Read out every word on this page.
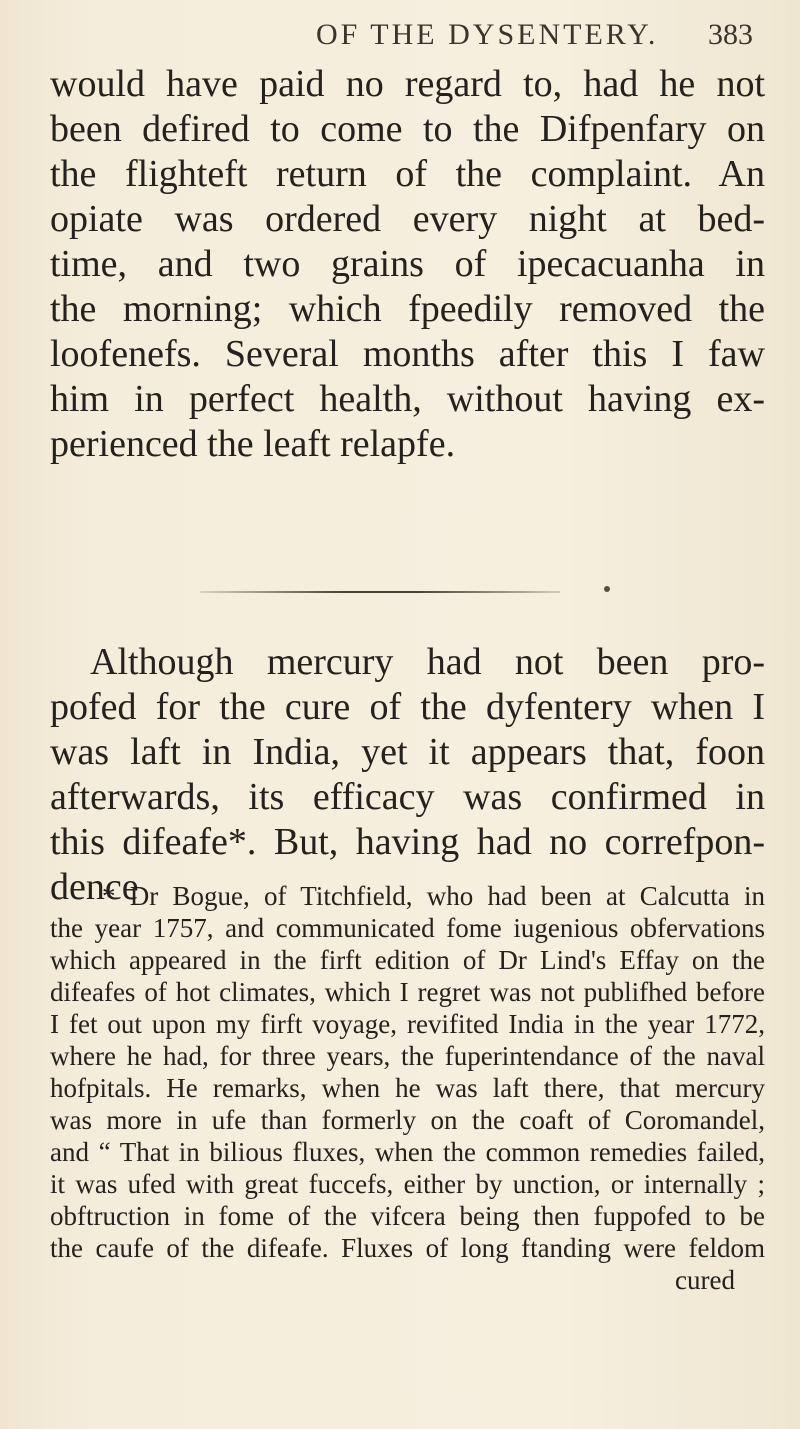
OF THE DYSENTERY. 383
would have paid no regard to, had he not
been defired to come to the Difpenfary on
the flighteft return of the complaint. An
opiate was ordered every night at bed-
time, and two grains of ipecacuanha in
the morning; which fpeedily removed the
loofenefs. Several months after this I faw
him in perfect health, without having ex-
perienced the leaft relapfe.
Although mercury had not been pro-
pofed for the cure of the dyfentery when I
was laft in India, yet it appears that, foon
afterwards, its efficacy was confirmed in
this difeafe*. But, having had no correfpon-
dence
* Dr Bogue, of Titchfield, who had been at Calcutta in
the year 1757, and communicated fome iugenious obfervations
which appeared in the firft edition of Dr Lind's Effay on the
difeafes of hot climates, which I regret was not publifhed before
I fet out upon my firft voyage, revifited India in the year 1772,
where he had, for three years, the fuperintendance of the naval
hofpitals. He remarks, when he was laft there, that mercury
was more in ufe than formerly on the coaft of Coromandel,
and “ That in bilious fluxes, when the common remedies failed,
it was ufed with great fuccefs, either by unction, or internally ;
obftruction in fome of the vifcera being then fuppofed to be
the caufe of the difeafe. Fluxes of long ftanding were feldom
cured
